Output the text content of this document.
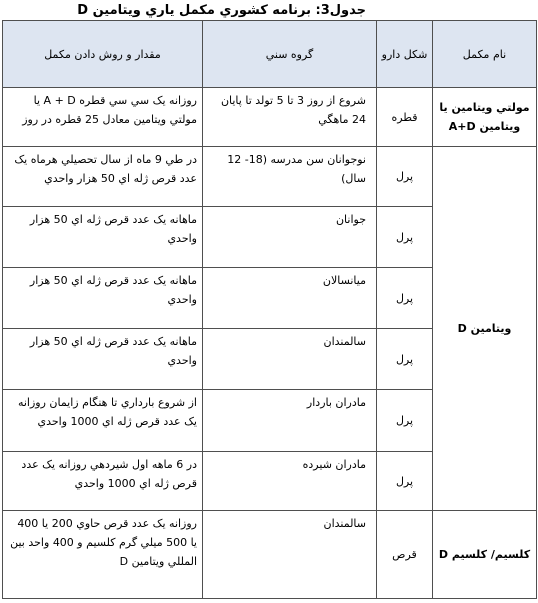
جدول3: برنامه کشوري مکمل ياري ويتامين D
نام مکمل	شکل دارو	گروه سني	مقدار و روش دادن مکمل
مولتي ويتامين يا ويتامين A+D	قطره	شروع از روز 3 تا 5 تولد تا پايان 24 ماهگي	روزانه يک سي سي قطره A + D يا مولتي ويتامين معادل 25 قطره در روز
ويتامين D	پرل	نوجوانان سن مدرسه (18- 12 سال)	در طي 9 ماه از سال تحصيلي هرماه يک عدد قرص ژله اي 50 هزار واحدي
	پرل	جوانان	ماهانه يک عدد قرص ژله اي 50 هزار واحدي
	پرل	ميانسالان	ماهانه يک عدد قرص ژله اي 50 هزار واحدي
	پرل	سالمندان	ماهانه يک عدد قرص ژله اي 50 هزار واحدي
	پرل	مادران باردار	از شروع بارداري تا هنگام زايمان روزانه يک عدد قرص ژله اي 1000 واحدي
	پرل	مادران شيرده	در 6 ماهه اول شيردهي روزانه يک عدد قرص ژله اي 1000 واحدي
کلسيم/ کلسيم D	قرص	سالمندان	روزانه يک عدد قرص حاوي 200 يا 400 يا 500 ميلي گرم کلسيم و 400 واحد بين المللي ويتامين D
